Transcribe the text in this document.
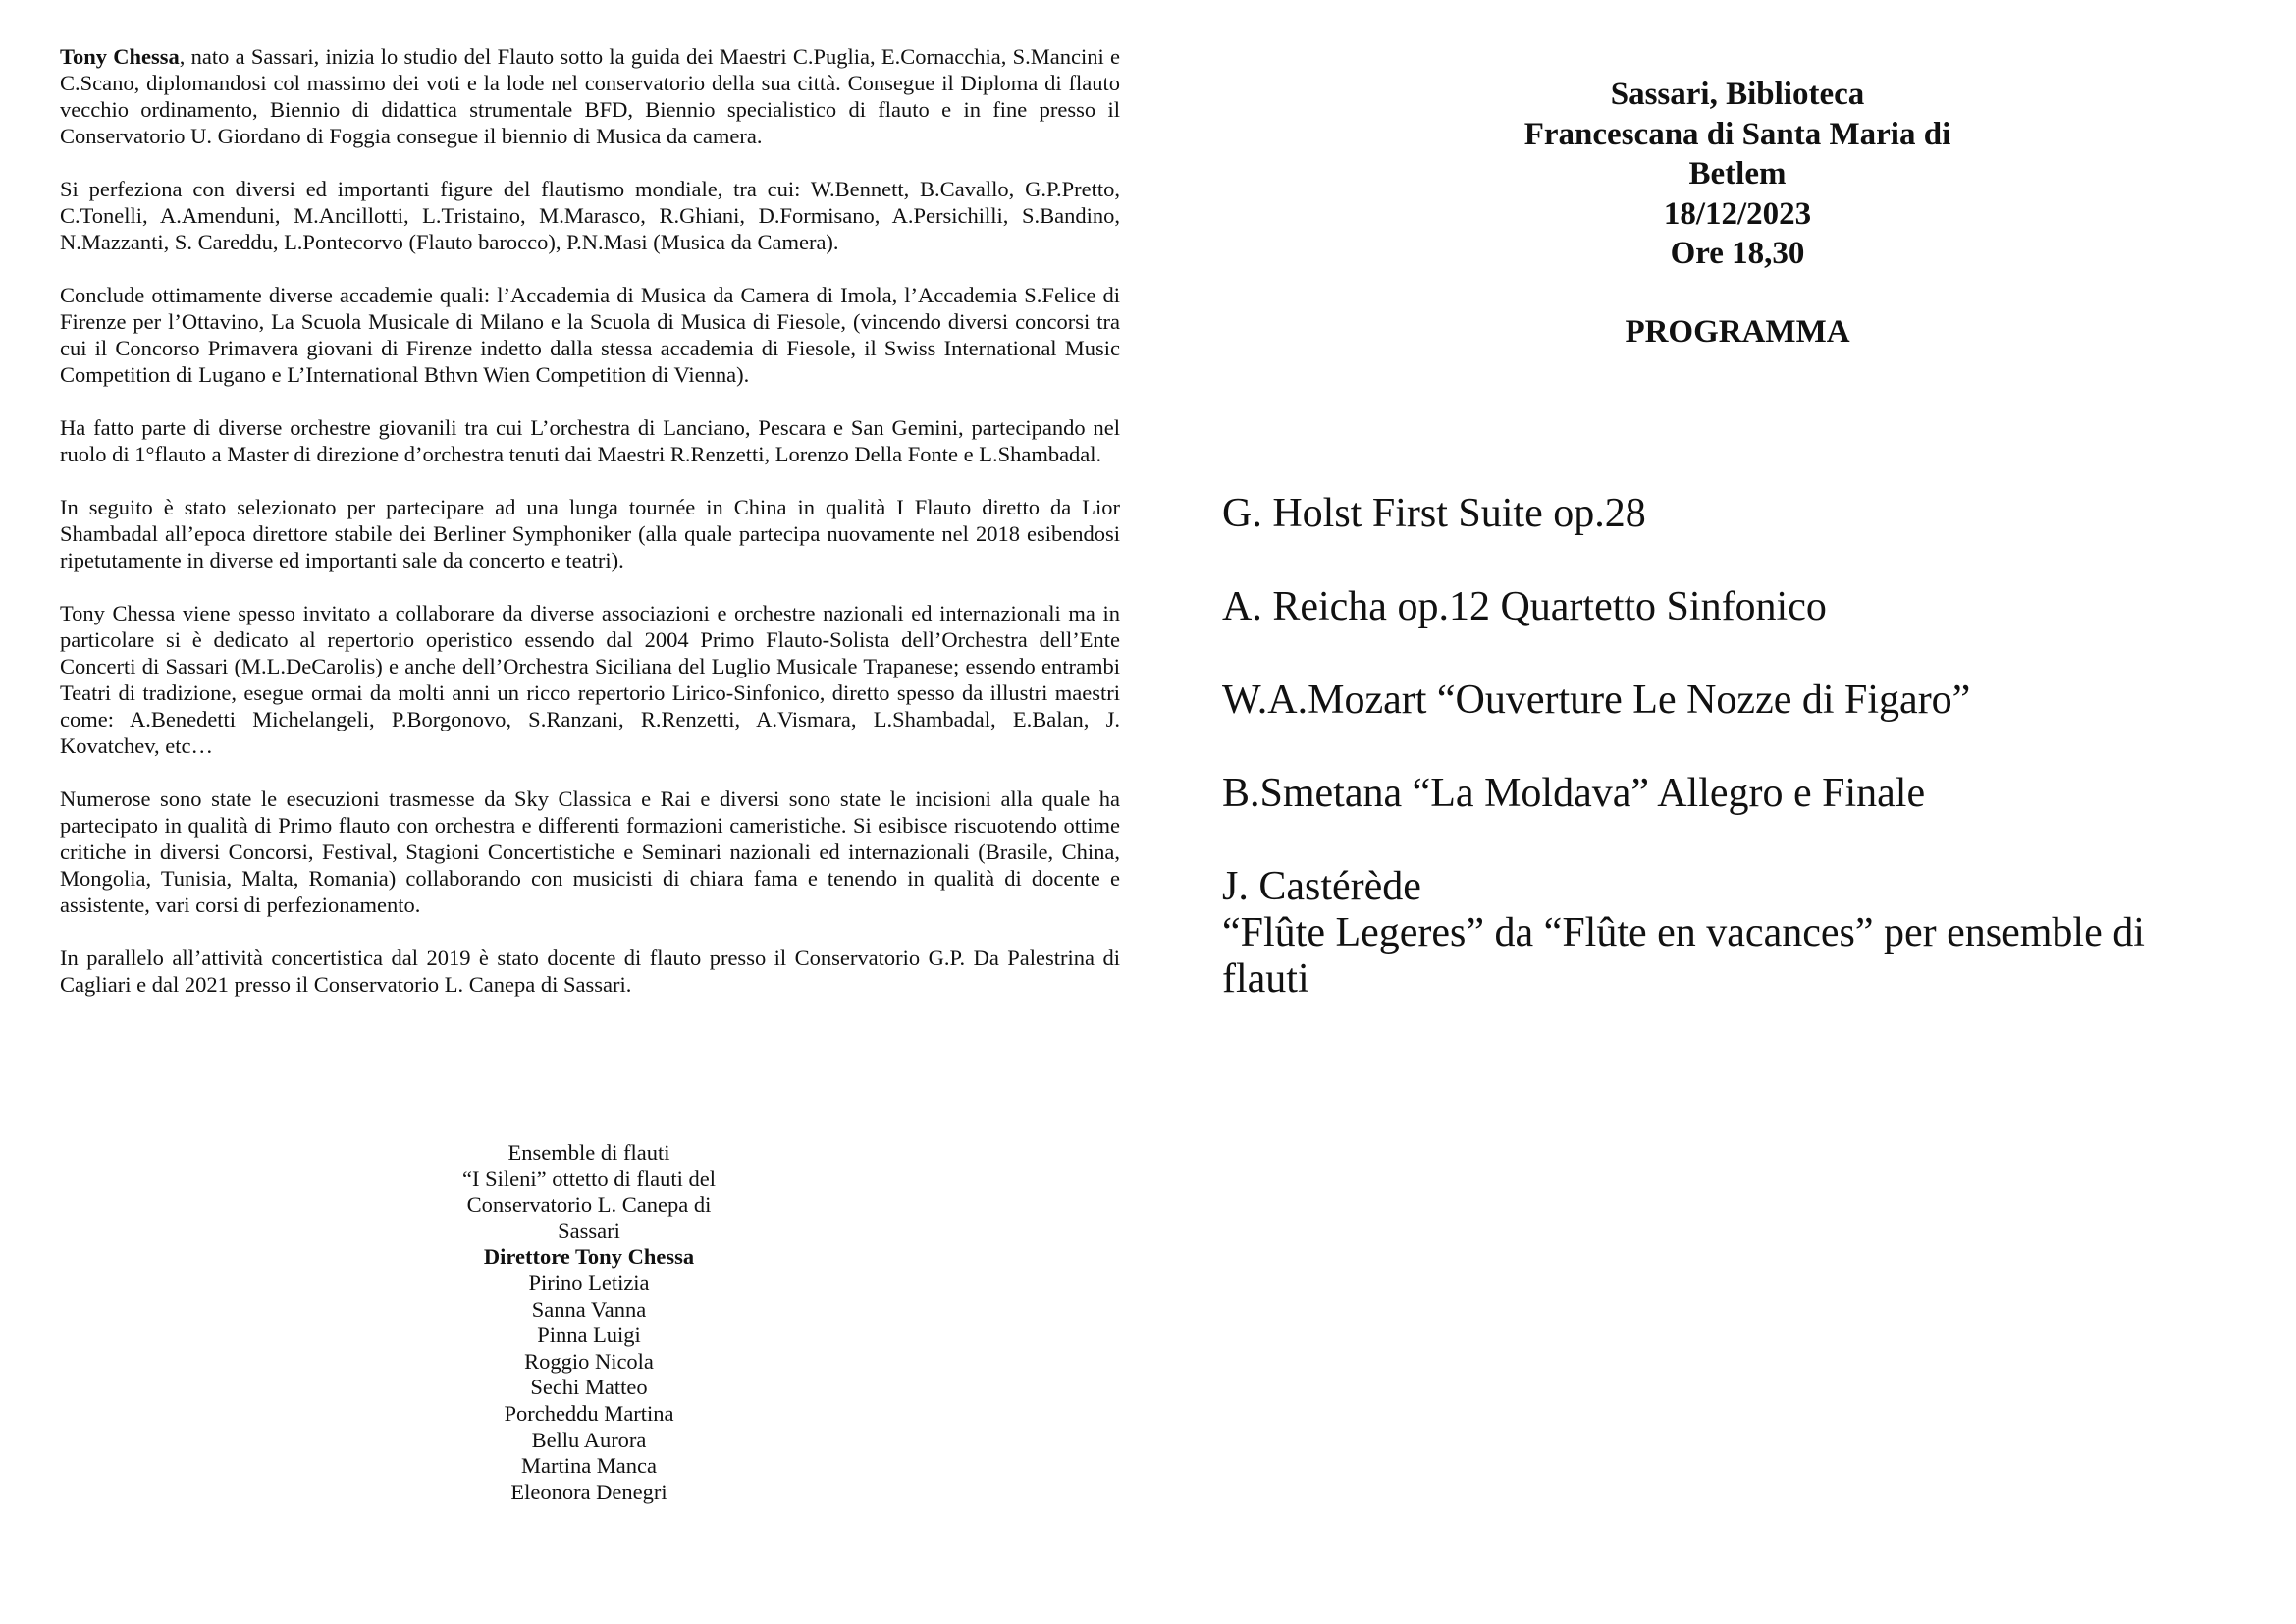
Tony Chessa, nato a Sassari, inizia lo studio del Flauto sotto la guida dei Maestri C.Puglia, E.Cornacchia, S.Mancini e C.Scano, diplomandosi col massimo dei voti e la lode nel conservatorio della sua città. Consegue il Diploma di flauto vecchio ordinamento, Biennio di didattica strumentale BFD, Biennio specialistico di flauto e in fine presso il Conservatorio U. Giordano di Foggia consegue il biennio di Musica da camera.

Si perfeziona con diversi ed importanti figure del flautismo mondiale, tra cui: W.Bennett, B.Cavallo, G.P.Pretto, C.Tonelli, A.Amenduni, M.Ancillotti, L.Tristaino, M.Marasco, R.Ghiani, D.Formisano, A.Persichilli, S.Bandino, N.Mazzanti, S. Careddu, L.Pontecorvo (Flauto barocco), P.N.Masi (Musica da Camera).

Conclude ottimamente diverse accademie quali: l’Accademia di Musica da Camera di Imola, l’Accademia S.Felice di Firenze per l’Ottavino, La Scuola Musicale di Milano e la Scuola di Musica di Fiesole, (vincendo diversi concorsi tra cui il Concorso Primavera giovani di Firenze indetto dalla stessa accademia di Fiesole, il Swiss International Music Competition di Lugano e L’International Bthvn Wien Competition di Vienna).

Ha fatto parte di diverse orchestre giovanili tra cui L’orchestra di Lanciano, Pescara e San Gemini, partecipando nel ruolo di 1°flauto a Master di direzione d’orchestra tenuti dai Maestri R.Renzetti, Lorenzo Della Fonte e L.Shambadal.

In seguito è stato selezionato per partecipare ad una lunga tournée in China in qualità I Flauto diretto da Lior Shambadal all’epoca direttore stabile dei Berliner Symphoniker (alla quale partecipa nuovamente nel 2018 esibendosi ripetutamente in diverse ed importanti sale da concerto e teatri).

Tony Chessa viene spesso invitato a collaborare da diverse associazioni e orchestre nazionali ed internazionali ma in particolare si è dedicato al repertorio operistico essendo dal 2004 Primo Flauto-Solista dell’Orchestra dell’Ente Concerti di Sassari (M.L.DeCarolis) e anche dell’Orchestra Siciliana del Luglio Musicale Trapanese; essendo entrambi Teatri di tradizione, esegue ormai da molti anni un ricco repertorio Lirico-Sinfonico, diretto spesso da illustri maestri come: A.Benedetti Michelangeli, P.Borgonovo, S.Ranzani, R.Renzetti, A.Vismara, L.Shambadal, E.Balan, J. Kovatchev, etc…

Numerose sono state le esecuzioni trasmesse da Sky Classica e Rai e diversi sono state le incisioni alla quale ha partecipato in qualità di Primo flauto con orchestra e differenti formazioni cameristiche. Si esibisce riscuotendo ottime critiche in diversi Concorsi, Festival, Stagioni Concertistiche e Seminari nazionali ed internazionali (Brasile, China, Mongolia, Tunisia, Malta, Romania) collaborando con musicisti di chiara fama e tenendo in qualità di docente e assistente, vari corsi di perfezionamento.

In parallelo all’attività concertistica dal 2019 è stato docente di flauto presso il Conservatorio G.P. Da Palestrina di Cagliari e dal 2021 presso il Conservatorio L. Canepa di Sassari.

Ensemble di flauti
“I Sileni” ottetto di flauti del
Conservatorio L. Canepa di
Sassari
Direttore Tony Chessa
Pirino Letizia
Sanna Vanna
Pinna Luigi
Roggio Nicola
Sechi Matteo
Porcheddu Martina
Bellu Aurora
Martina Manca
Eleonora Denegri
Sassari, Biblioteca
Francescana di Santa Maria di
Betlem
18/12/2023
Ore 18,30
PROGRAMMA
G. Holst First Suite op.28
A. Reicha op.12 Quartetto Sinfonico
W.A.Mozart “Ouverture Le Nozze di Figaro”
B.Smetana “La Moldava” Allegro e Finale
J. Castérède
“Flûte Legeres” da “Flûte en vacances” per ensemble di
flauti
